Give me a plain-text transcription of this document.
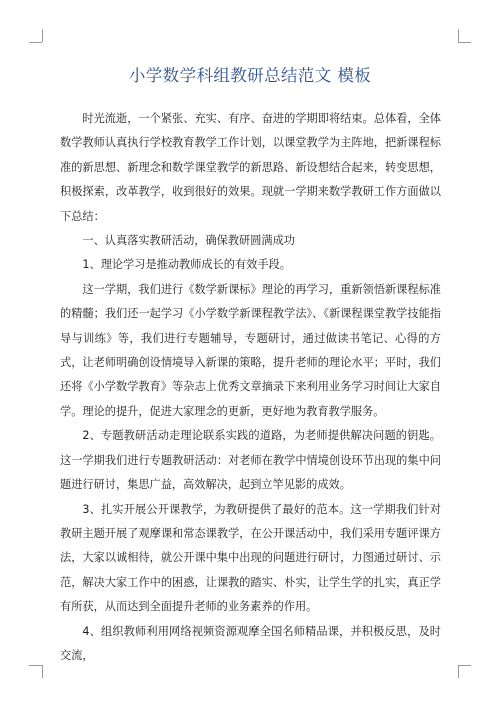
小学数学科组教研总结范文 模板

时光流逝，一个紧张、充实、有序、奋进的学期即将结束。总体看，全体数学教师认真执行学校教育教学工作计划，以课堂教学为主阵地，把新课程标准的新思想、新理念和数学课堂教学的新思路、新设想结合起来，转变思想，积极探索，改革教学，收到很好的效果。现就一学期来数学教研工作方面做以下总结：

一、认真落实教研活动，确保教研圆满成功

1、理论学习是推动教师成长的有效手段。

这一学期，我们进行《数学新课标》理论的再学习，重新领悟新课程标准的精髓；我们还一起学习《小学数学新课程教学法》、《新课程课堂教学技能指导与训练》等，我们进行专题辅导，专题研讨，通过做读书笔记、心得的方式，让老师明确创设情境导入新课的策略，提升老师的理论水平；平时，我们还将《小学数学教育》等杂志上优秀文章摘录下来利用业务学习时间让大家自学。理论的提升，促进大家理念的更新，更好地为教育教学服务。

2、专题教研活动走理论联系实践的道路，为老师提供解决问题的钥匙。这一学期我们进行专题教研活动：对老师在教学中情境创设环节出现的集中问题进行研讨，集思广益，高效解决，起到立竿见影的成效。

3、扎实开展公开课教学，为教研提供了最好的范本。这一学期我们针对教研主题开展了观摩课和常态课教学，在公开课活动中，我们采用专题评课方法，大家以诚相待，就公开课中集中出现的问题进行研讨，力图通过研讨、示范，解决大家工作中的困惑，让课教的踏实、朴实，让学生学的扎实，真正学有所获，从而达到全面提升老师的业务素养的作用。

4、组织教师利用网络视频资源观摩全国名师精品课，并积极反思，及时交流，
